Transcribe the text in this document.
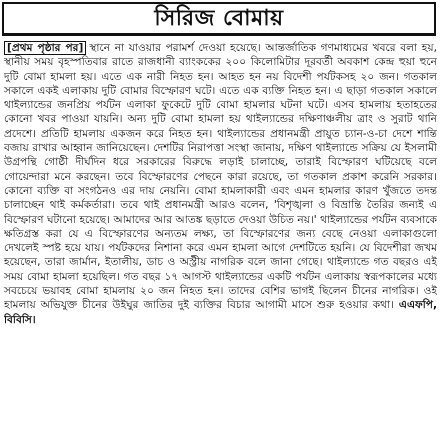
সিরিজ বোমায়
[প্রথম পৃষ্ঠার পর] স্থানে না যাওয়ার পরামর্শ দেওয়া হয়েছে। আন্তর্জাতিক গণমাধ্যমের খবরে বলা হয়, স্থানীয় সময় বৃহস্পতিবার রাতে রাজধানী ব্যাংককের ২০০ কিলোমিটার দূরবর্তী অবকাশ কেন্দ্র হুয়া হুনে দুটি বোমা হামলা হয়। এতে এক নারী নিহত হন। আহত হন নয় বিদেশী পর্যটকসহ ২০ জন। গতকাল সকালে একই এলাকায় দুটি বোমার বিস্ফোরণ ঘটে। এতে এক ব্যক্তি নিহত হন। এ ছাড়া গতকাল সকালে থাইল্যান্ডের জনপ্রিয় পর্যটন এলাকা ফুকেটে দুটি বোমা হামলার ঘটনা ঘটে। এসব হামলায় হতাহতের কোনো খবর পাওয়া যায়নি। অন্য দুটি বোমা হামলা হয় থাইল্যান্ডের দক্ষিণাঞ্চলীয় ত্রাং ও সুরাট থানি প্রদেশে। প্রতিটি হামলায় একজন করে নিহত হন। থাইল্যান্ডের প্রধানমন্ত্রী প্রায়ুত চ্যান-ও-চা দেশে শান্তি বজায় রাখার আহ্বান জানিয়েছেন। দেশটির নিরাপত্তা সংস্থা জানায়, দক্ষিণ থাইল্যান্ডে সক্রিয় যে ইসলামী উগ্রপন্থি গোষ্ঠী দীর্ঘদিন ধরে সরকারের বিরুদ্ধে লড়াই চালাচ্ছে, তারাই বিস্ফোরণ ঘটিয়েছে বলে গোয়েন্দারা মনে করছেন। তবে বিস্ফোরণের পেছনে কারা রয়েছে, তা গতকাল প্রকাশ করেনি সরকার। কোনো ব্যক্তি বা সংগঠনও এর দায় নেয়নি। বোমা হামলাকারী এবং এমন হামলার কারণ খুঁজতে তদন্ত চালাচ্ছেন থাই কর্মকর্তারা। তবে থাই প্রধানমন্ত্রী আরও বলেন, 'বিশৃঙ্খলা ও বিভ্রান্তি তৈরির জন্যই এ বিস্ফোরণ ঘটানো হয়েছে। আমাদের আর আতঙ্ক ছড়াতে দেওয়া উচিত নয়।' থাইল্যান্ডের পর্যটন ব্যবসাকে ক্ষতিগ্রস্ত করা যে এ বিস্ফোরণের অন্যতম লক্ষ্য, তা বিস্ফোরণের জন্য বেছে নেওয়া এলাকাগুলো দেখলেই স্পষ্ট হয়ে যায়। পর্যটকদের নিশানা করে এমন হামলা আগে দেশটিতে হয়নি। যে বিদেশীরা জখম হয়েছেন, তারা জার্মান, ইতালীয়, ডাচ ও অস্ট্রীয় নাগরিক বলে জানা গেছে। থাইল্যান্ডে গত বছরও এই সময় বোমা হামলা হয়েছিল। গত বছর ১৭ আগস্ট থাইল্যান্ডের একটি পর্যটন এলাকায় স্বরূপকালের মধ্যে সবচেয়ে ভয়াবহ বোমা হামলায় ২০ জন নিহত হন। তাদের বেশির ভাগই ছিলেন চীনের নাগরিক। ওই হামলায় অভিযুক্ত চীনের উইঘুর জাতির দুই ব্যক্তির বিচার আগামী মাসে শুরু হওয়ার কথা। এএফপি, বিবিসি।
